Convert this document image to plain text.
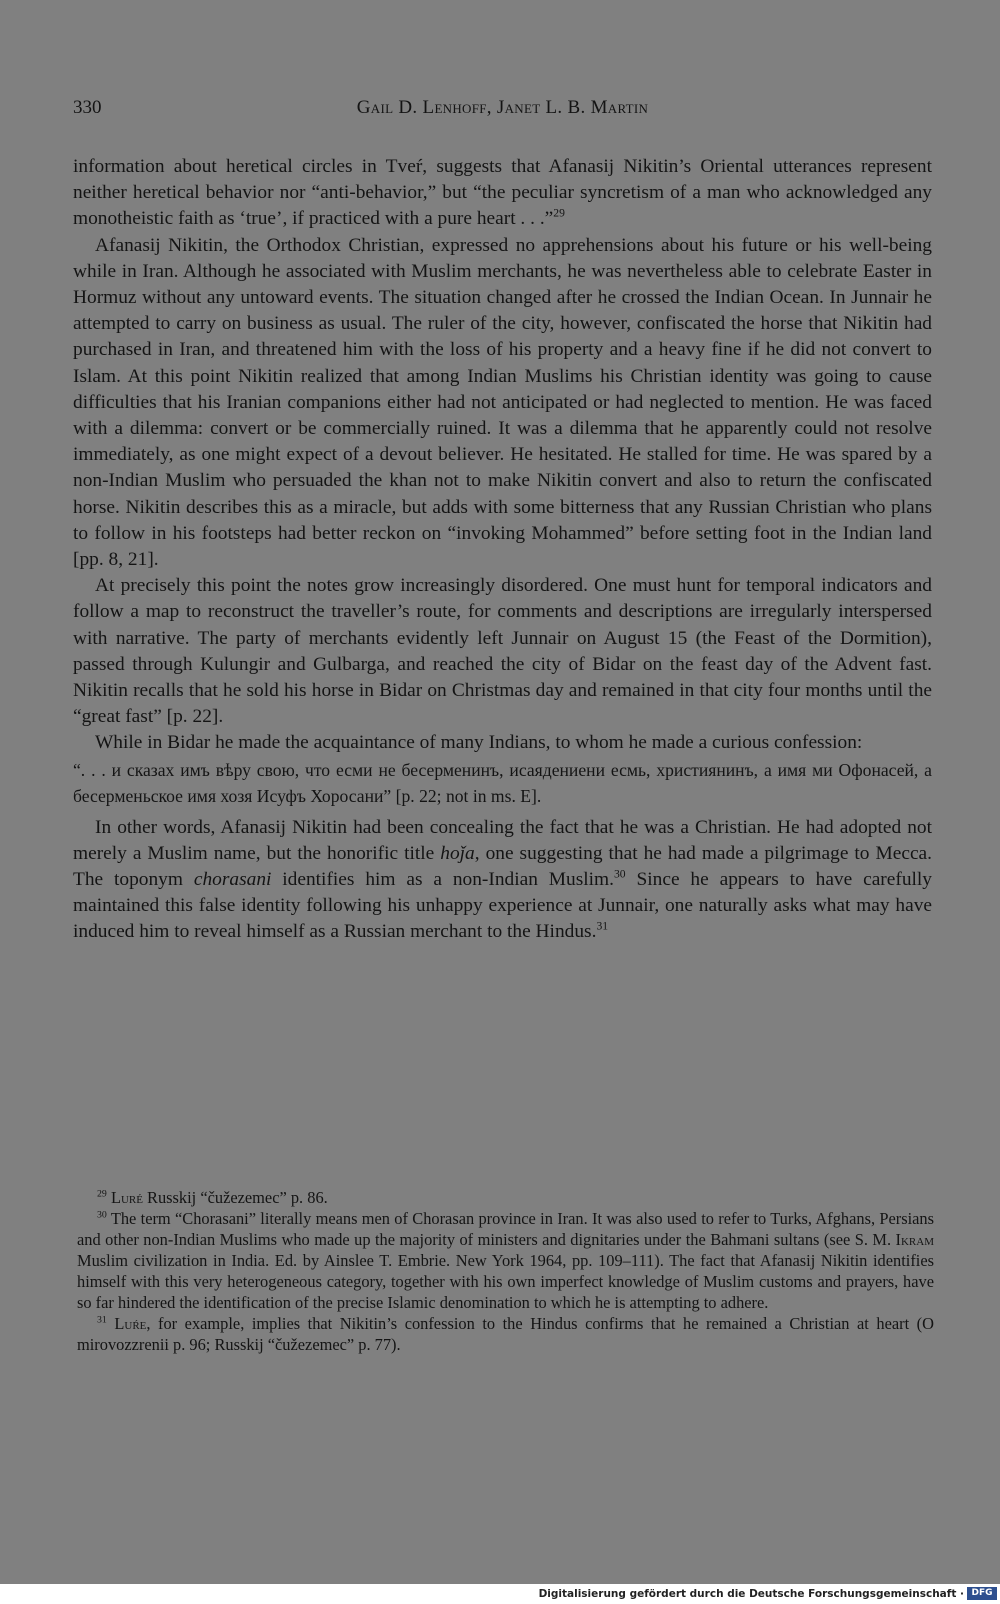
330	Gail D. Lenhoff, Janet L. B. Martin

information about heretical circles in Tveŕ, suggests that Afanasij Nikitin’s Oriental utterances represent neither heretical behavior nor “anti-behavior,” but “the peculiar syncretism of a man who acknowledged any monotheistic faith as ‘true’, if practiced with a pure heart . . .”$^{29}$

Afanasij Nikitin, the Orthodox Christian, expressed no apprehensions about his future or his well-being while in Iran. Although he associated with Muslim merchants, he was nevertheless able to celebrate Easter in Hormuz without any untoward events. The situation changed after he crossed the Indian Ocean. In Junnair he attempted to carry on business as usual. The ruler of the city, however, confiscated the horse that Nikitin had purchased in Iran, and threatened him with the loss of his property and a heavy fine if he did not convert to Islam. At this point Nikitin realized that among Indian Muslims his Christian identity was going to cause difficulties that his Iranian companions either had not anticipated or had neglected to mention. He was faced with a dilemma: convert or be commercially ruined. It was a dilemma that he apparently could not resolve immediately, as one might expect of a devout believer. He hesitated. He stalled for time. He was spared by a non-Indian Muslim who persuaded the khan not to make Nikitin convert and also to return the confiscated horse. Nikitin describes this as a miracle, but adds with some bitterness that any Russian Christian who plans to follow in his footsteps had better reckon on “invoking Mohammed” before setting foot in the Indian land [pp. 8, 21].

At precisely this point the notes grow increasingly disordered. One must hunt for temporal indicators and follow a map to reconstruct the traveller’s route, for comments and descriptions are irregularly interspersed with narrative. The party of merchants evidently left Junnair on August 15 (the Feast of the Dormition), passed through Kulungir and Gulbarga, and reached the city of Bidar on the feast day of the Advent fast. Nikitin recalls that he sold his horse in Bidar on Christmas day and remained in that city four months until the “great fast” [p. 22].

While in Bidar he made the acquaintance of many Indians, to whom he made a curious confession:

“. . . и сказах имъ вѣру свою, что есми не бесерменинъ, исаядениени есмь, християнинъ, а имя ми Офонасей, а бесерменьское имя хозя Исуфъ Хоросани” [p. 22; not in ms. E].

In other words, Afanasij Nikitin had been concealing the fact that he was a Christian. He had adopted not merely a Muslim name, but the honorific title hoǰa, one suggesting that he had made a pilgrimage to Mecca. The toponym chorasani identifies him as a non-Indian Muslim.$^{30}$ Since he appears to have carefully maintained this false identity following his unhappy experience at Junnair, one naturally asks what may have induced him to reveal himself as a Russian merchant to the Hindus.$^{31}$

$^{29}$ Luré Russkij “čužezemec” p. 86.

$^{30}$ The term “Chorasani” literally means men of Chorasan province in Iran. It was also used to refer to Turks, Afghans, Persians and other non-Indian Muslims who made up the majority of ministers and dignitaries under the Bahmani sultans (see S. M. Ikram Muslim civilization in India. Ed. by Ainslee T. Embrie. New York 1964, pp. 109–111). The fact that Afanasij Nikitin identifies himself with this very heterogeneous category, together with his own imperfect knowledge of Muslim customs and prayers, have so far hindered the identification of the precise Islamic denomination to which he is attempting to adhere.

$^{31}$ Luŕe, for example, implies that Nikitin’s confession to the Hindus confirms that he remained a Christian at heart (O mirovozzrenii p. 96; Russkij “čužezemec” p. 77).

Digitalisierung gefördert durch die Deutsche Forschungsgemeinschaft · DFG
